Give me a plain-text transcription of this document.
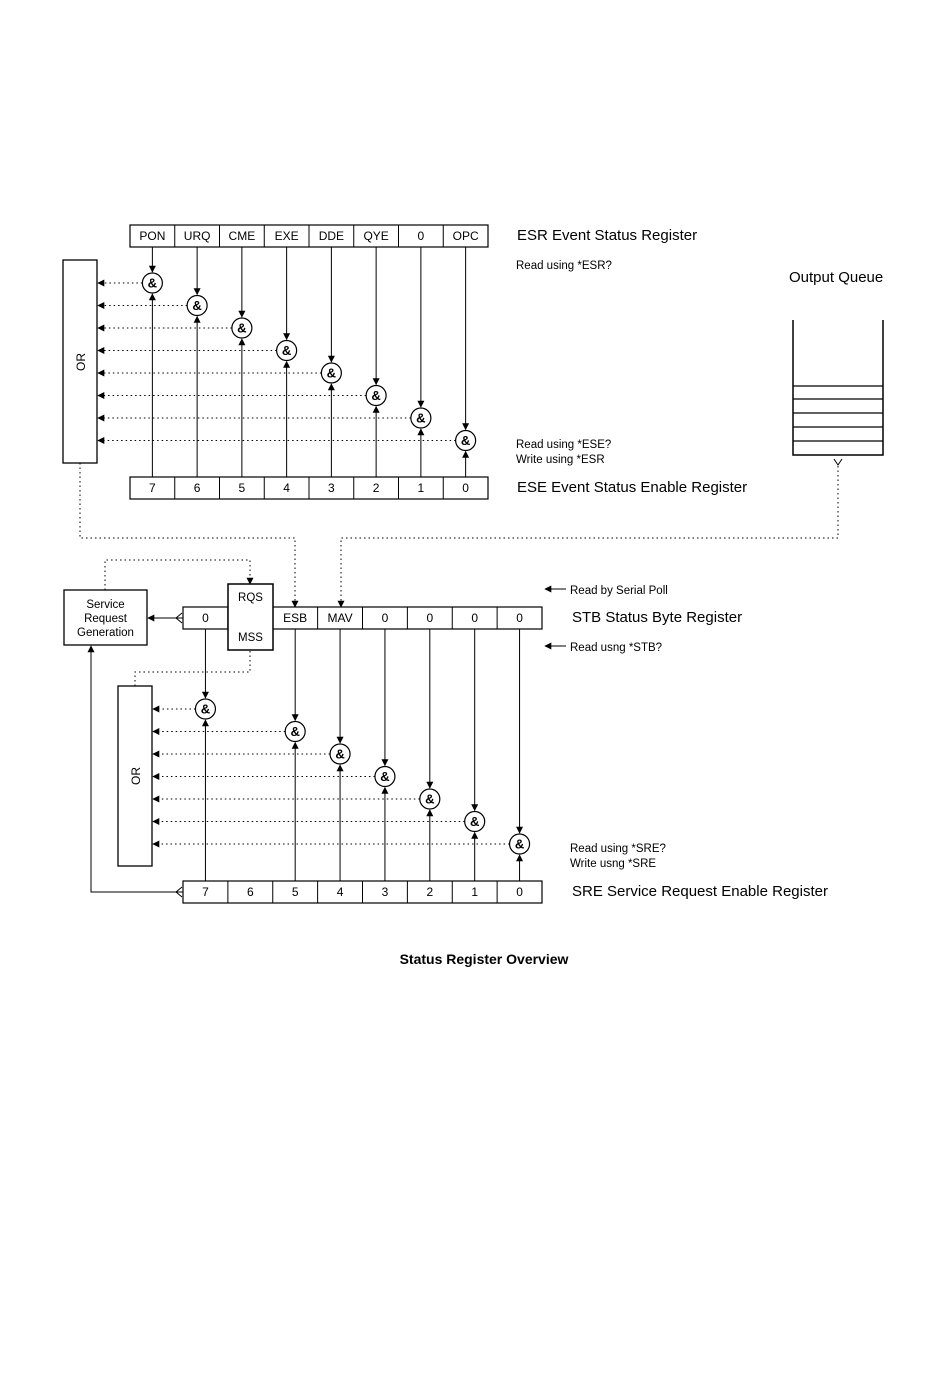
PON URQ CME EXE DDE QYE 0 OPC	ESR Event Status Register
Read using *ESR?
7	6	5	4	3	2	1	0	ESE Event Status Enable Register
Read using *ESE?
Write using *ESR
OR
Output Queue
Service
Request
Generation
0	ESB MAV 0	0	0	0
RQS
MSS
STB Status Byte Register
Read by Serial Poll
Read usng *STB?
OR
7	6	5	4	3	2	1	0	SRE Service Request Enable Register
Read using *SRE?
Write usng *SRE
&
&
&
&
&
&
&
&
&
&
&
&
&
&
&
Status Register Overview
